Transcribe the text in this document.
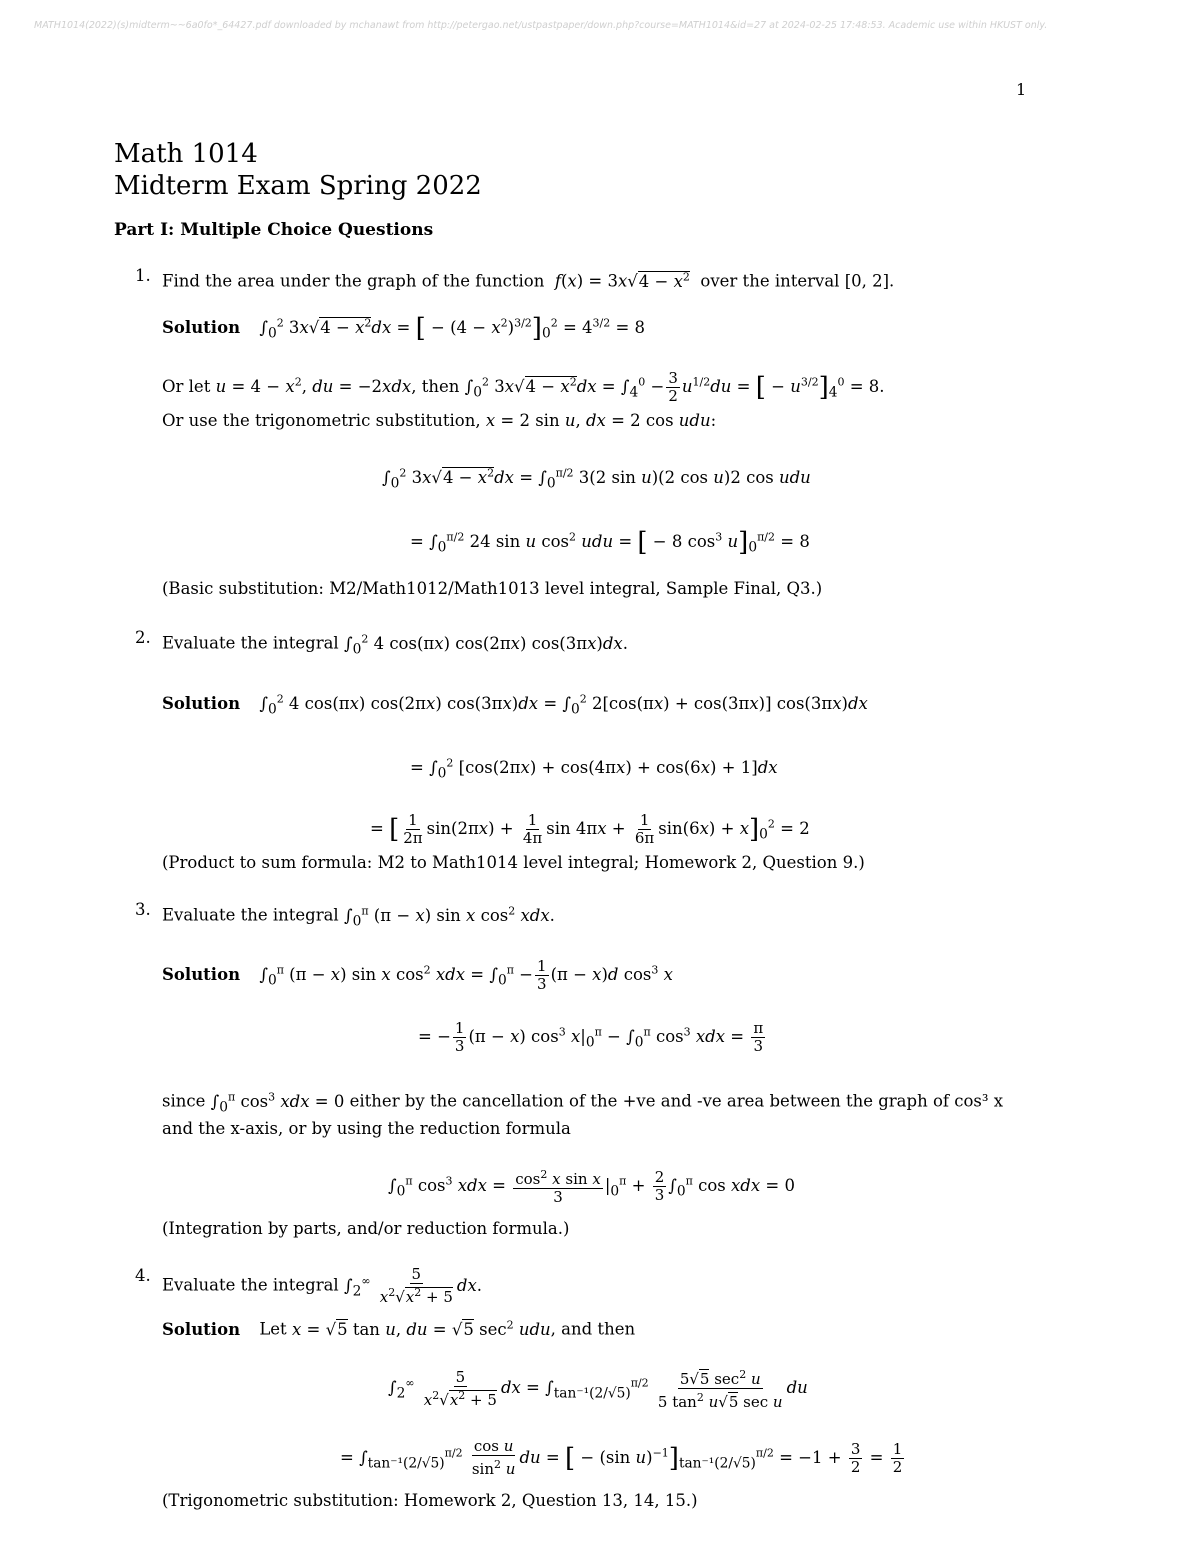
MATH1014(2022)(s)midterm~~6a0fo*_64427.pdf downloaded by mchanawt from http://petergao.net/ustpastpaper/down.php?course=MATH1014&id=27 at 2024-02-25 17:48:53. Academic use within HKUST only.
1
Math 1014
Midterm Exam Spring 2022
Part I: Multiple Choice Questions
1. Find the area under the graph of the function $f(x) = 3x√4 - x^2$ over the interval [0, 2].
Solution $\int_0^2$ $3x√4 - x^2dx$ = [ − $(4 - x^2)^{3/2}]_0^2 = 4^{3/2} = 8$
Or let $u = 4 - x^2$, du = −2xdx, then $\int_0^2$ $3x√4 - x^2dx = \int_4^0 - \frac{3}{2} u^{1/2}du$ = [ − $u^{3/2}]_4^0 = 8$.
Or use the trigonometric substitution, x = 2 sin u, dx = 2 cos udu:
$\int_0^2$ $3x√4 - x^2dx = \int_0^{\pi/2}$ 3(2 sin u)(2 cos u)2 cos udu
= $\int_0^{\pi/2}$ 24 sin u $\cos^2$ udu = [ − 8 $\cos^3 u]_0^{\pi/2} = 8$
(Basic substitution: M2/Math1012/Math1013 level integral, Sample Final, Q3.)
2. Evaluate the integral $\int_0^2$ 4 cos(πx) cos(2πx) cos(3πx)dx.
Solution $\int_0^2$ 4 cos(πx) cos(2πx) $\cos(3\pi x)dx = \int_0^2$ 2[cos(πx) + cos(3πx)] cos(3πx)dx
= $\int_0^2$ [cos(2πx) + cos(4πx) + cos(6x) + 1]dx
= [ $\frac{1}{2\pi} \sin(2\pi x) + \frac{1}{4\pi}$ $\sin 4\pi x + \frac{1}{6\pi} \sin(6x) + x]_0^2 = 2$
(Product to sum formula: M2 to Math1014 level integral; Homework 2, Question 9.)
3. Evaluate the integral $\int_0^\pi$ (π − x) sin x $\cos^2$ xdx.
Solution $\int_0^\pi$ (π − x) sin x $\cos^2$ xdx = $\int_0^\pi - \frac{1}{3} (\pi - x)d$ $\cos^3 x$
= − $\frac{1}{3} (\pi - x)$ $\cos^3 x|_0^\pi - \int_0^\pi$ $\cos^3$ xdx = $\frac{\pi}{3}$
since $\int_0^\pi$ $\cos^3$ xdx = 0 either by the cancellation of the +ve and -ve area between the graph of cos³ x
and the x-axis, or by using the reduction formula
$\int_0^\pi$ $\cos^3$ xdx = $\frac{\cos^2 x \sin x}{3} |_0^\pi + \frac{2}{3} \int_0^\pi$ cos xdx = 0
(Integration by parts, and/or reduction formula.)
4. Evaluate the integral $\int_2^\infty \frac{5}{x^2√x^2 + 5}$ dx.
Solution Let x = √5 tan u, du = √5 $\sec^2$ udu, and then
$\int_2^\infty \frac{5}{x^2√x^2 + 5}$ dx = $\int_{tan^{-1}(2/√5)}^{\pi/2} \frac{5√5 \sec^2 u}{5 \tan^2 u√5 \sec u}$ du
= $\int_{tan^{-1}(2/√5)}^{\pi/2} \frac{\text{cos u}}{\sin^2 u}$ du = [ − (sin $u)^{-1}]_{tan^{-1}(2/√5)}^{\pi/2} = -1 + \frac{3}{2} = \frac{1}{2}$
(Trigonometric substitution: Homework 2, Question 13, 14, 15.)
